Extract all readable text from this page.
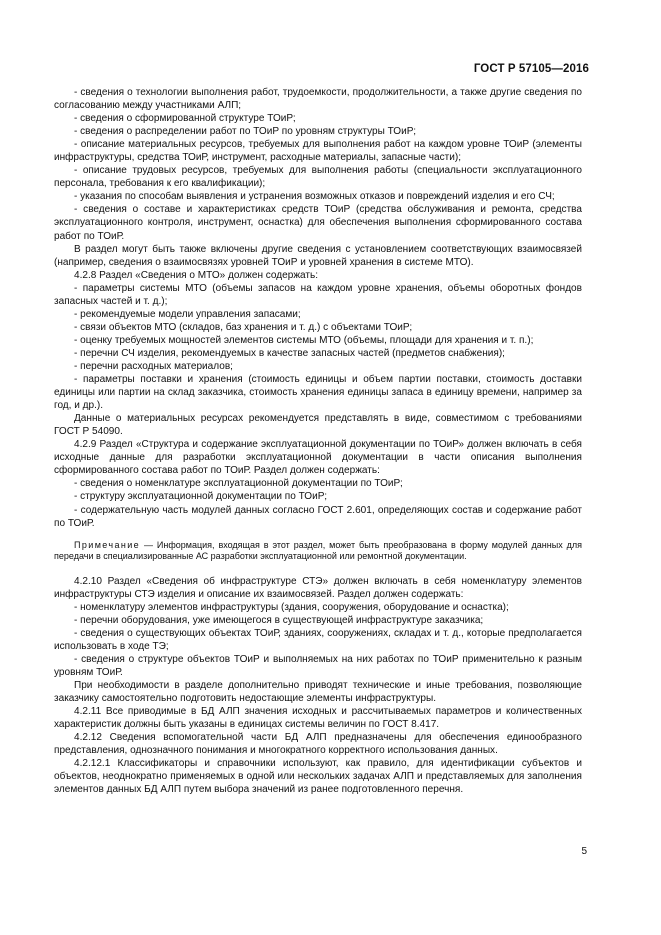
ГОСТ Р 57105—2016

- сведения о технологии выполнения работ, трудоемкости, продолжительности, а также другие сведения по согласованию между участниками АЛП;

- сведения о сформированной структуре ТОиР;

- сведения о распределении работ по ТОиР по уровням структуры ТОиР;

- описание материальных ресурсов, требуемых для выполнения работ на каждом уровне ТОиР (элементы инфраструктуры, средства ТОиР, инструмент, расходные материалы, запасные части);

- описание трудовых ресурсов, требуемых для выполнения работы (специальности эксплуатационного персонала, требования к его квалификации);

- указания по способам выявления и устранения возможных отказов и повреждений изделия и его СЧ;

- сведения о составе и характеристиках средств ТОиР (средства обслуживания и ремонта, средства эксплуатационного контроля, инструмент, оснастка) для обеспечения выполнения сформированного состава работ по ТОиР.

В раздел могут быть также включены другие сведения с установлением соответствующих взаимосвязей (например, сведения о взаимосвязях уровней ТОиР и уровней хранения в системе МТО).

4.2.8 Раздел «Сведения о МТО» должен содержать:

- параметры системы МТО (объемы запасов на каждом уровне хранения, объемы оборотных фондов запасных частей и т. д.);

- рекомендуемые модели управления запасами;

- связи объектов МТО (складов, баз хранения и т. д.) с объектами ТОиР;

- оценку требуемых мощностей элементов системы МТО (объемы, площади для хранения и т. п.);

- перечни СЧ изделия, рекомендуемых в качестве запасных частей (предметов снабжения);

- перечни расходных материалов;

- параметры поставки и хранения (стоимость единицы и объем партии поставки, стоимость доставки единицы или партии на склад заказчика, стоимость хранения единицы запаса в единицу времени, например за год, и др.).

Данные о материальных ресурсах рекомендуется представлять в виде, совместимом с требованиями ГОСТ Р 54090.

4.2.9 Раздел «Структура и содержание эксплуатационной документации по ТОиР» должен включать в себя исходные данные для разработки эксплуатационной документации в части описания выполнения сформированного состава работ по ТОиР. Раздел должен содержать:

- сведения о номенклатуре эксплуатационной документации по ТОиР;

- структуру эксплуатационной документации по ТОиР;

- содержательную часть модулей данных согласно ГОСТ 2.601, определяющих состав и содержание работ по ТОиР.

Примечание — Информация, входящая в этот раздел, может быть преобразована в форму модулей данных для передачи в специализированные АС разработки эксплуатационной или ремонтной документации.

4.2.10 Раздел «Сведения об инфраструктуре СТЭ» должен включать в себя номенклатуру элементов инфраструктуры СТЭ изделия и описание их взаимосвязей. Раздел должен содержать:

- номенклатуру элементов инфраструктуры (здания, сооружения, оборудование и оснастка);

- перечни оборудования, уже имеющегося в существующей инфраструктуре заказчика;

- сведения о существующих объектах ТОиР, зданиях, сооружениях, складах и т. д., которые предполагается использовать в ходе ТЭ;

- сведения о структуре объектов ТОиР и выполняемых на них работах по ТОиР применительно к разным уровням ТОиР.

При необходимости в разделе дополнительно приводят технические и иные требования, позволяющие заказчику самостоятельно подготовить недостающие элементы инфраструктуры.

4.2.11 Все приводимые в БД АЛП значения исходных и рассчитываемых параметров и количественных характеристик должны быть указаны в единицах системы величин по ГОСТ 8.417.

4.2.12 Сведения вспомогательной части БД АЛП предназначены для обеспечения единообразного представления, однозначного понимания и многократного корректного использования данных.

4.2.12.1 Классификаторы и справочники используют, как правило, для идентификации субъектов и объектов, неоднократно применяемых в одной или нескольких задачах АЛП и представляемых для заполнения элементов данных БД АЛП путем выбора значений из ранее подготовленного перечня.

5
